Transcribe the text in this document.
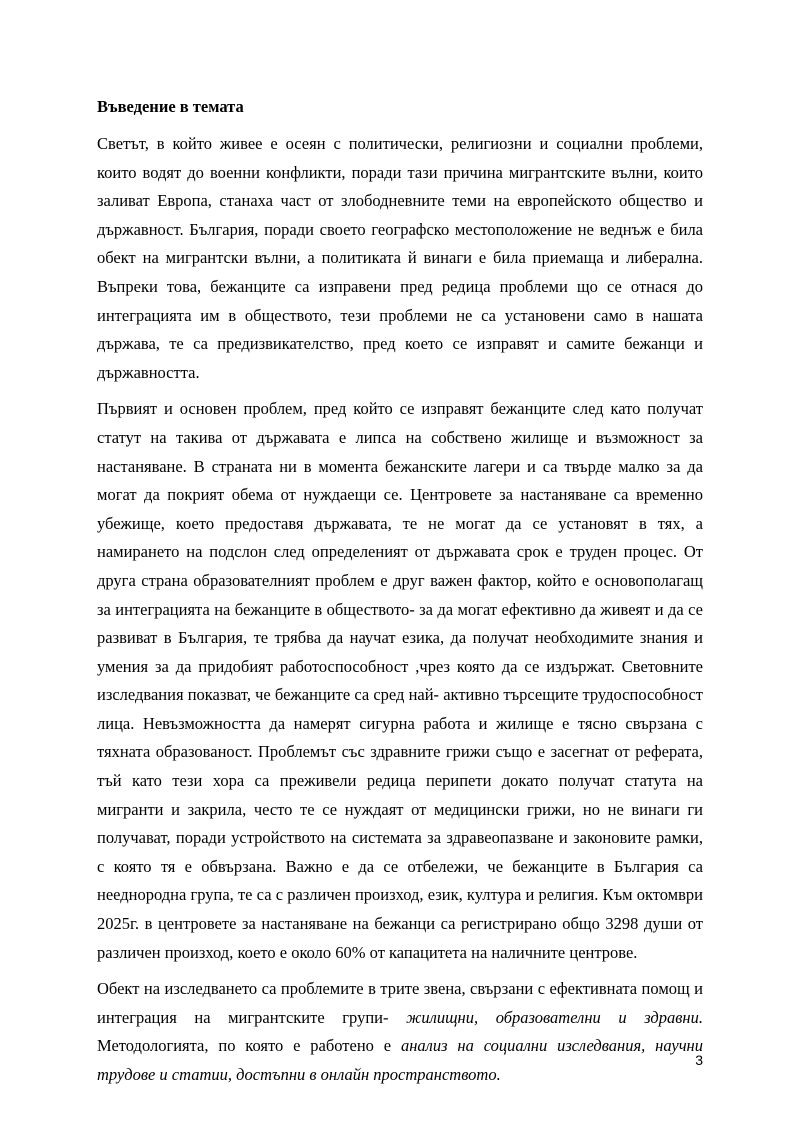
Въведение в темата

Светът, в който живее е осеян с политически, религиозни и социални проблеми, които водят до военни конфликти, поради тази причина мигрантските вълни, които заливат Европа, станаха част от злободневните теми на европейското общество и държавност. България, поради своето географско местоположение не веднъж е била обект на мигрантски вълни, а политиката й винаги е била приемаща и либерална. Въпреки това, бежанците са изправени пред редица проблеми що се отнася до интеграцията им в обществото, тези проблеми не са установени само в нашата държава, те са предизвикателство, пред което се изправят и самите бежанци и държавността.

Първият и основен проблем, пред който се изправят бежанците след като получат статут на такива от държавата е липса на собствено жилище и възможност за настаняване. В страната ни в момента бежанските лагери и са твърде малко за да могат да покрият обема от нуждаещи се. Центровете за настаняване са временно убежище, което предоставя държавата, те не могат да се установят в тях, а намирането на подслон след определеният от държавата срок е труден процес. От друга страна образователният проблем е друг важен фактор, който е основополагащ за интеграцията на бежанците в обществото- за да могат ефективно да живеят и да се развиват в България, те трябва да научат езика, да получат необходимите знания и умения за да придобият работоспособност ,чрез която да се издържат. Световните изследвания показват, че бежанците са сред най- активно търсещите трудоспособност лица. Невъзможността да намерят сигурна работа и жилище е тясно свързана с тяхната образованост. Проблемът със здравните грижи също е засегнат от реферата, тъй като тези хора са преживели редица перипети докато получат статута на мигранти и закрила, често те се нуждаят от медицински грижи, но не винаги ги получават, поради устройството на системата за здравеопазване и законовите рамки, с която тя е обвързана. Важно е да се отбележи, че бежанците в България са нееднородна група, те са с различен произход, език, култура и религия. Към октомври 2025г. в центровете за настаняване на бежанци са регистрирано общо 3298 души от различен произход, което е около 60% от капацитета на наличните центрове.

Обект на изследването са проблемите в трите звена, свързани с ефективната помощ и интеграция на мигрантските групи- жилищни, образователни и здравни. Методологията, по която е работено е анализ на социални изследвания, научни трудове и статии, достъпни в онлайн пространството.

3
